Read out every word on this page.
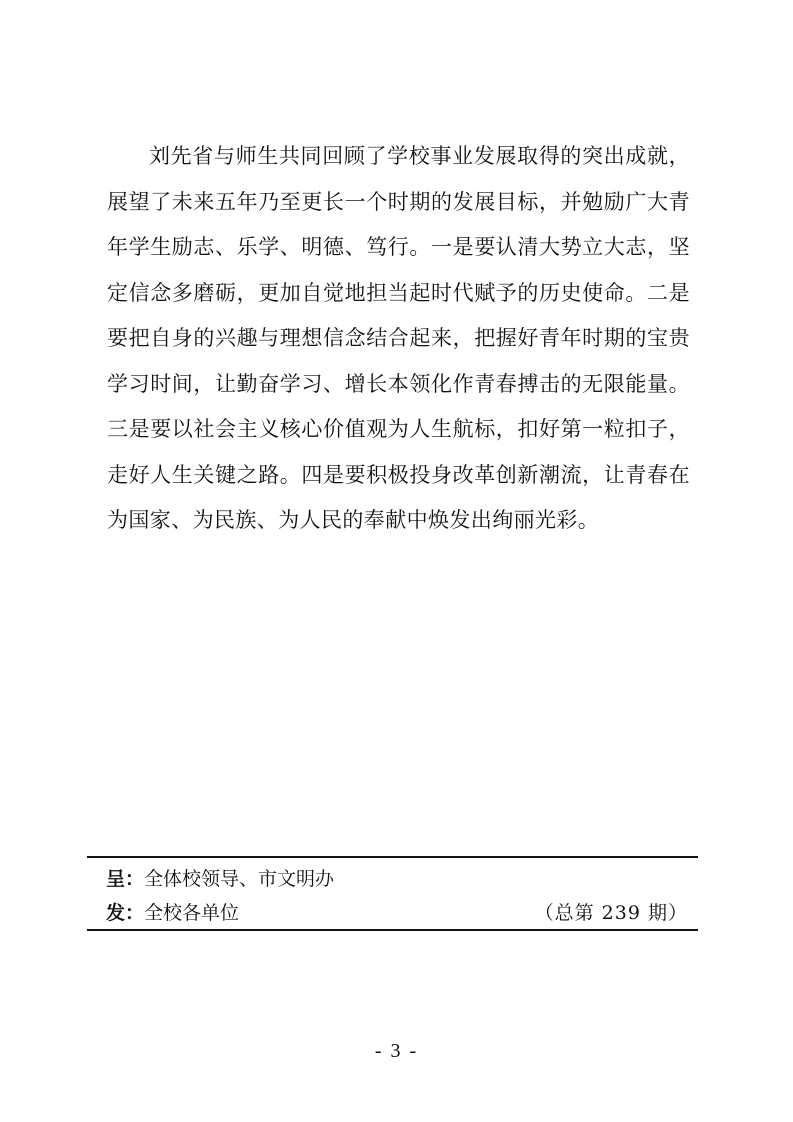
刘先省与师生共同回顾了学校事业发展取得的突出成就，展望了未来五年乃至更长一个时期的发展目标，并勉励广大青年学生励志、乐学、明德、笃行。一是要认清大势立大志，坚定信念多磨砺，更加自觉地担当起时代赋予的历史使命。二是要把自身的兴趣与理想信念结合起来，把握好青年时期的宝贵学习时间，让勤奋学习、增长本领化作青春搏击的无限能量。三是要以社会主义核心价值观为人生航标，扣好第一粒扣子，走好人生关键之路。四是要积极投身改革创新潮流，让青春在为国家、为民族、为人民的奉献中焕发出绚丽光彩。

呈：全体校领导、市文明办
发：全校各单位	（总第 239 期）
- 3 -
